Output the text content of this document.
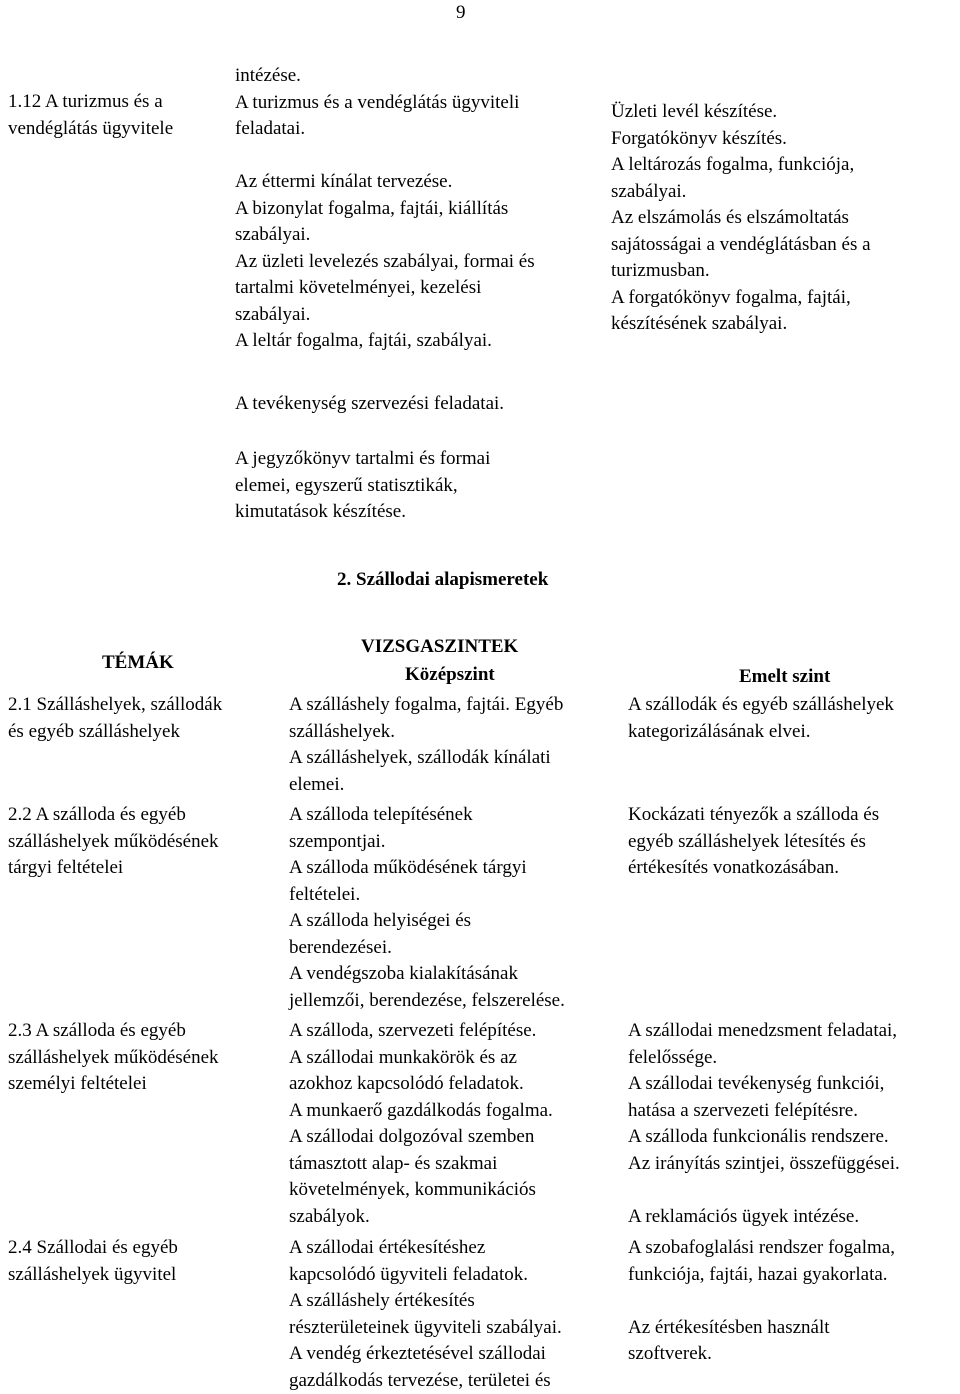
9
1.12 A turizmus és a
vendéglátás ügyvitele
intézése.
A turizmus és a vendéglátás ügyviteli
feladatai.

Az éttermi kínálat tervezése.
A bizonylat fogalma, fajtái, kiállítás
szabályai.
Az üzleti levelezés szabályai, formai és
tartalmi követelményei, kezelési
szabályai.
A leltár fogalma, fajtái, szabályai.
A tevékenység szervezési feladatai.
A jegyzőkönyv tartalmi és formai
elemei, egyszerű statisztikák,
kimutatások készítése.
Üzleti levél készítése.
Forgatókönyv készítés.
A leltározás fogalma, funkciója,
szabályai.
Az elszámolás és elszámoltatás
sajátosságai a vendéglátásban és a
turizmusban.
A forgatókönyv fogalma, fajtái,
készítésének szabályai.
2. Szállodai alapismeretek
TÉMÁK
VIZSGASZINTEK
Középszint	Emelt szint
2.1 Szálláshelyek, szállodák
és egyéb szálláshelyek
A szálláshely fogalma, fajtái. Egyéb
szálláshelyek.
A szálláshelyek, szállodák kínálati
elemei.
A szállodák és egyéb szálláshelyek
kategorizálásának elvei.
2.2 A szálloda és egyéb
szálláshelyek működésének
tárgyi feltételei
A szálloda telepítésének
szempontjai.
A szálloda működésének tárgyi
feltételei.
A szálloda helyiségei és
berendezései.
A vendégszoba kialakításának
jellemzői, berendezése, felszerelése.
Kockázati tényezők a szálloda és
egyéb szálláshelyek létesítés és
értékesítés vonatkozásában.
2.3 A szálloda és egyéb
szálláshelyek működésének
személyi feltételei
A szálloda, szervezeti felépítése.
A szállodai munkakörök és az
azokhoz kapcsolódó feladatok.
A munkaerő gazdálkodás fogalma.
A szállodai dolgozóval szemben
támasztott alap- és szakmai
követelmények, kommunikációs
szabályok.
A szállodai menedzsment feladatai,
felelőssége.
A szállodai tevékenység funkciói,
hatása a szervezeti felépítésre.
A szálloda funkcionális rendszere.
Az irányítás szintjei, összefüggései.

A reklamációs ügyek intézése.
2.4 Szállodai és egyéb
szálláshelyek ügyvitel
A szállodai értékesítéshez
kapcsolódó ügyviteli feladatok.
A szálláshely értékesítés
részterületeinek ügyviteli szabályai.
A vendég érkeztetésével szállodai
gazdálkodás tervezése, területei és
A szobafoglalási rendszer fogalma,
funkciója, fajtái, hazai gyakorlata.

Az értékesítésben használt
szoftverek.
